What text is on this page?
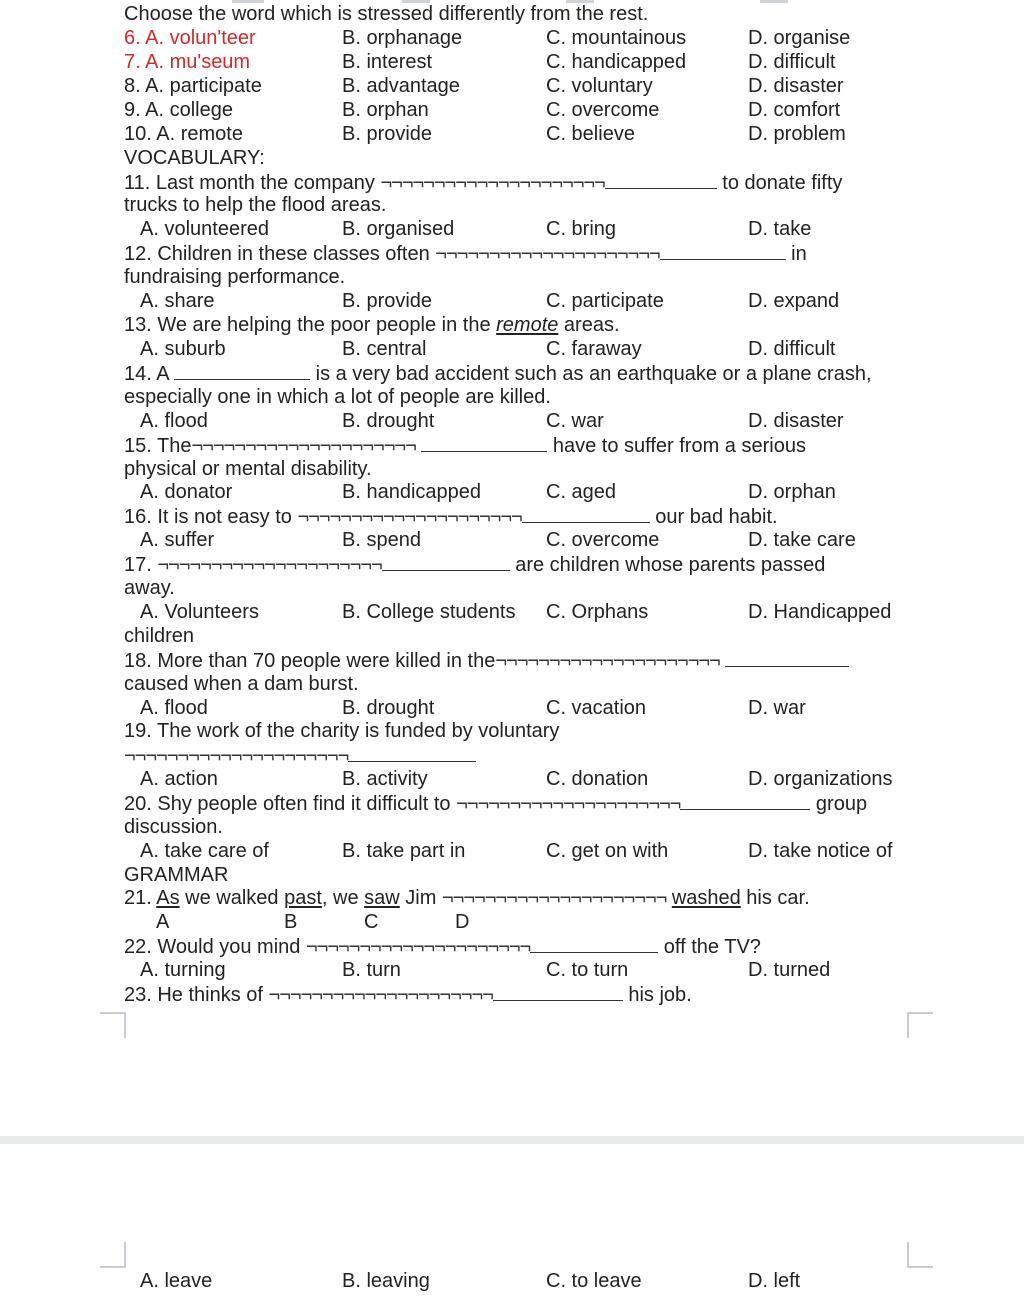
Choose the word which is stressed differently from the rest.
6. A. volun'teer	B. orphanage	C. mountainous	D. organise
7. A. mu'seum	B. interest	C. handicapped	D. difficult
8. A. participate	B. advantage	C. voluntary	D. disaster
9. A. college	B. orphan	C. overcome	D. comfort
10. A. remote	B. provide	C. believe	D. problem
VOCABULARY:
11. Last month the company ¬¬¬¬¬¬¬¬¬¬¬¬¬¬¬¬¬¬¬¬¬	to donate fifty
trucks to help the flood areas.
A. volunteered	B. organised	C. bring	D. take
12. Children in these classes often ¬¬¬¬¬¬¬¬¬¬¬¬¬¬¬¬¬¬¬¬¬	in
fundraising performance.
A. share	B. provide	C. participate	D. expand
13. We are helping the poor people in the remote areas.
A. suburb	B. central	C. faraway	D. difficult
14. A	is a very bad accident such as an earthquake or a plane crash,
especially one in which a lot of people are killed.
A. flood	B. drought	C. war	D. disaster
15. The¬¬¬¬¬¬¬¬¬¬¬¬¬¬¬¬¬¬¬¬¬	have to suffer from a serious
physical or mental disability.
A. donator	B. handicapped	C. aged	D. orphan
16. It is not easy to ¬¬¬¬¬¬¬¬¬¬¬¬¬¬¬¬¬¬¬¬¬	our bad habit.
A. suffer	B. spend	C. overcome	D. take care
17. ¬¬¬¬¬¬¬¬¬¬¬¬¬¬¬¬¬¬¬¬¬	are children whose parents passed
away.
A. Volunteers	B. College students C. Orphans	D. Handicapped
children
18. More than 70 people were killed in the¬¬¬¬¬¬¬¬¬¬¬¬¬¬¬¬¬¬¬¬¬
caused when a dam burst.
A. flood	B. drought	C. vacation	D. war
19. The work of the charity is funded by voluntary
¬¬¬¬¬¬¬¬¬¬¬¬¬¬¬¬¬¬¬¬¬
A. action	B. activity	C. donation	D. organizations
20. Shy people often find it difficult to ¬¬¬¬¬¬¬¬¬¬¬¬¬¬¬¬¬¬¬¬¬	group
discussion.
A. take care of	B. take part in	C. get on with	D. take notice of
GRAMMAR
21. As we walked past, we saw Jim ¬¬¬¬¬¬¬¬¬¬¬¬¬¬¬¬¬¬¬¬¬ washed his car.
A	B	C	D
22. Would you mind ¬¬¬¬¬¬¬¬¬¬¬¬¬¬¬¬¬¬¬¬¬	off the TV?
A. turning	B. turn	C. to turn	D. turned
23. He thinks of ¬¬¬¬¬¬¬¬¬¬¬¬¬¬¬¬¬¬¬¬¬	his job.
A. leave	B. leaving	C. to leave	D. left
